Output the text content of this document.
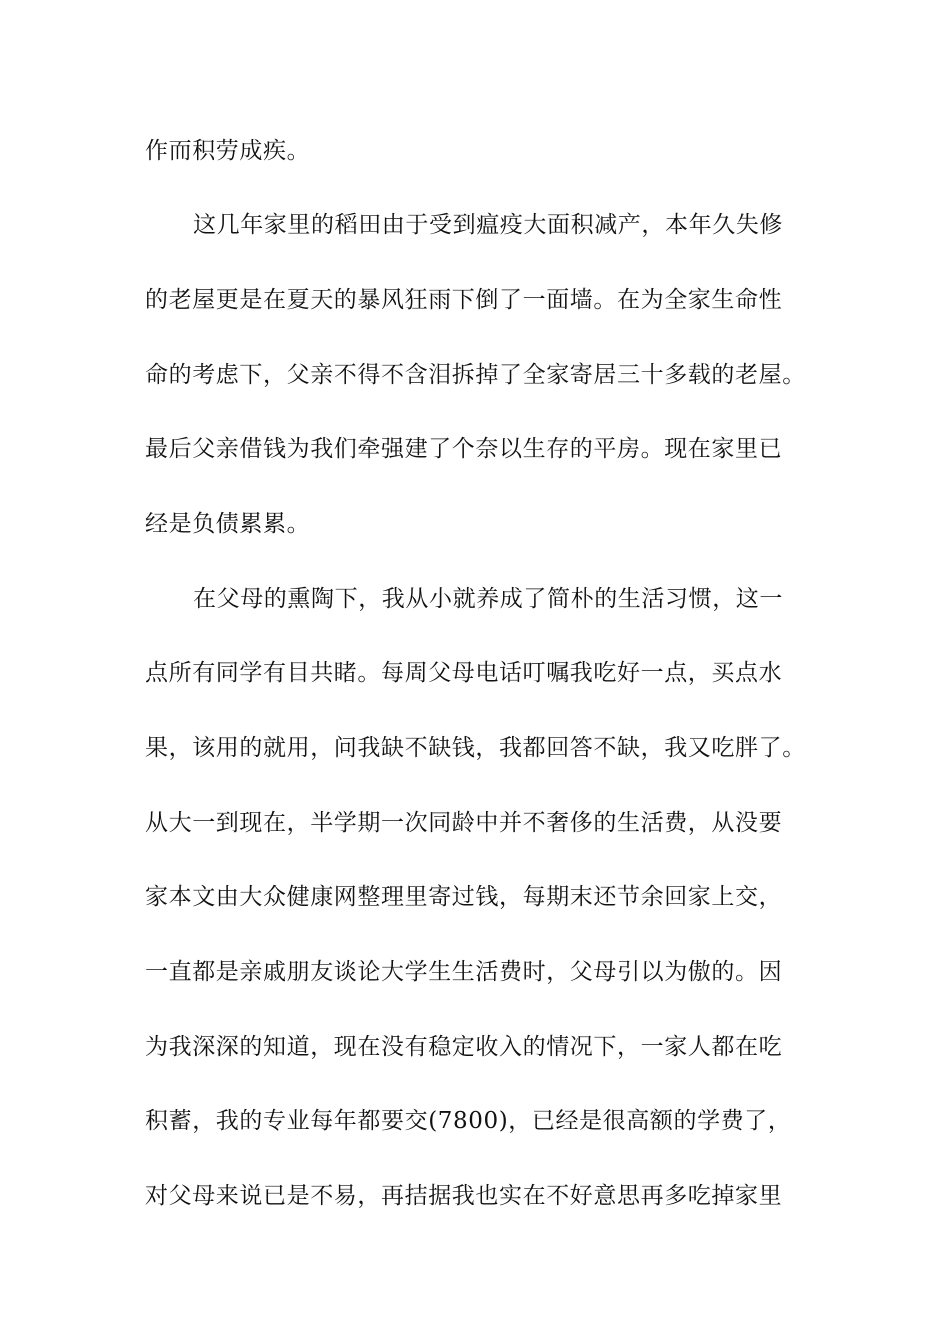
作而积劳成疾。
这几年家里的稻田由于受到瘟疫大面积减产，本年久失修
的老屋更是在夏天的暴风狂雨下倒了一面墙。在为全家生命性
命的考虑下，父亲不得不含泪拆掉了全家寄居三十多载的老屋。
最后父亲借钱为我们牵强建了个奈以生存的平房。现在家里已
经是负债累累。
在父母的熏陶下，我从小就养成了简朴的生活习惯，这一
点所有同学有目共睹。每周父母电话叮嘱我吃好一点，买点水
果，该用的就用，问我缺不缺钱，我都回答不缺，我又吃胖了。
从大一到现在，半学期一次同龄中并不奢侈的生活费，从没要
家本文由大众健康网整理里寄过钱，每期末还节余回家上交，
一直都是亲戚朋友谈论大学生生活费时，父母引以为傲的。因
为我深深的知道，现在没有稳定收入的情况下，一家人都在吃
积蓄，我的专业每年都要交(7800)，已经是很高额的学费了，
对父母来说已是不易，再拮据我也实在不好意思再多吃掉家里
